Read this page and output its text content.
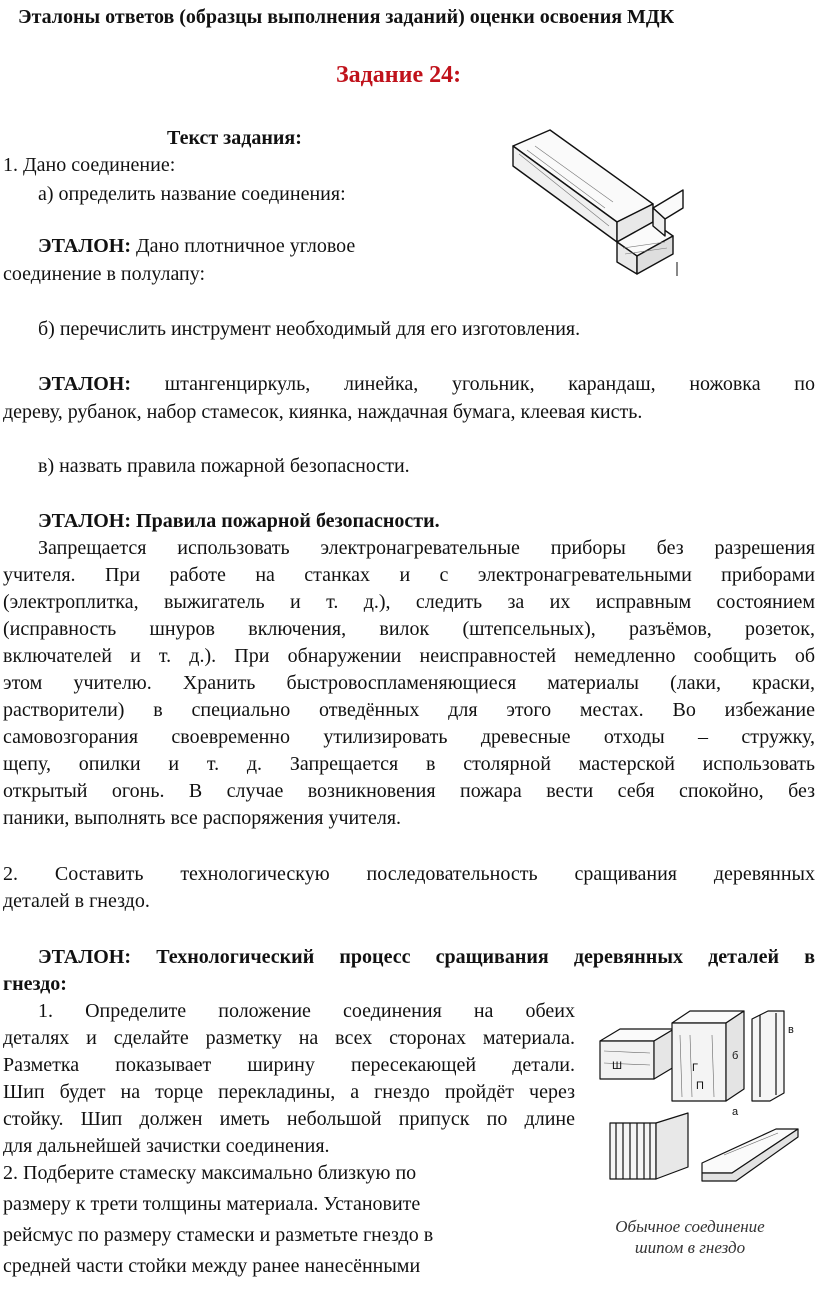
Эталоны ответов (образцы выполнения заданий) оценки освоения МДК
Задание 24:
Текст задания:
1. Дано соединение:
а) определить название соединения:
ЭТАЛОН: Дано плотничное угловое
соединение в полулапу:
б) перечислить инструмент необходимый для его изготовления.
ЭТАЛОН: штангенциркуль, линейка, угольник, карандаш, ножовка по
дереву, рубанок, набор стамесок, киянка, наждачная бумага, клеевая кисть.
в) назвать правила пожарной безопасности.
ЭТАЛОН: Правила пожарной безопасности.
Запрещается использовать электронагревательные приборы без разрешения
учителя. При работе на станках и с электронагревательными приборами
(электроплитка, выжигатель и т. д.), следить за их исправным состоянием
(исправность шнуров включения, вилок (штепсельных), разъёмов, розеток,
включателей и т. д.). При обнаружении неисправностей немедленно сообщить об
этом учителю. Хранить быстровоспламеняющиеся материалы (лаки, краски,
растворители) в специально отведённых для этого местах. Во избежание
самовозгорания своевременно утилизировать древесные отходы – стружку,
щепу, опилки и т. д. Запрещается в столярной мастерской использовать
открытый огонь. В случае возникновения пожара вести себя спокойно, без
паники, выполнять все распоряжения учителя.
2. Составить технологическую последовательность сращивания деревянных
деталей в гнездо.
ЭТАЛОН: Технологический процесс сращивания деревянных деталей в
гнездо:
1. Определите положение соединения на обеих
деталях и сделайте разметку на всех сторонах материала.
Разметка показывает ширину пересекающей детали.
Шип будет на торце перекладины, а гнездо пройдёт через
стойку. Шип должен иметь небольшой припуск по длине
для дальнейшей зачистки соединения.
2. Подберите стамеску максимально близкую по
размеру к трети толщины материала. Установите
рейсмус по размеру стамески и разметьте гнездо в
средней части стойки между ранее нанесёнными
Ш	Г
П
б
а
в
Обычное соединение
шипом в гнездо
